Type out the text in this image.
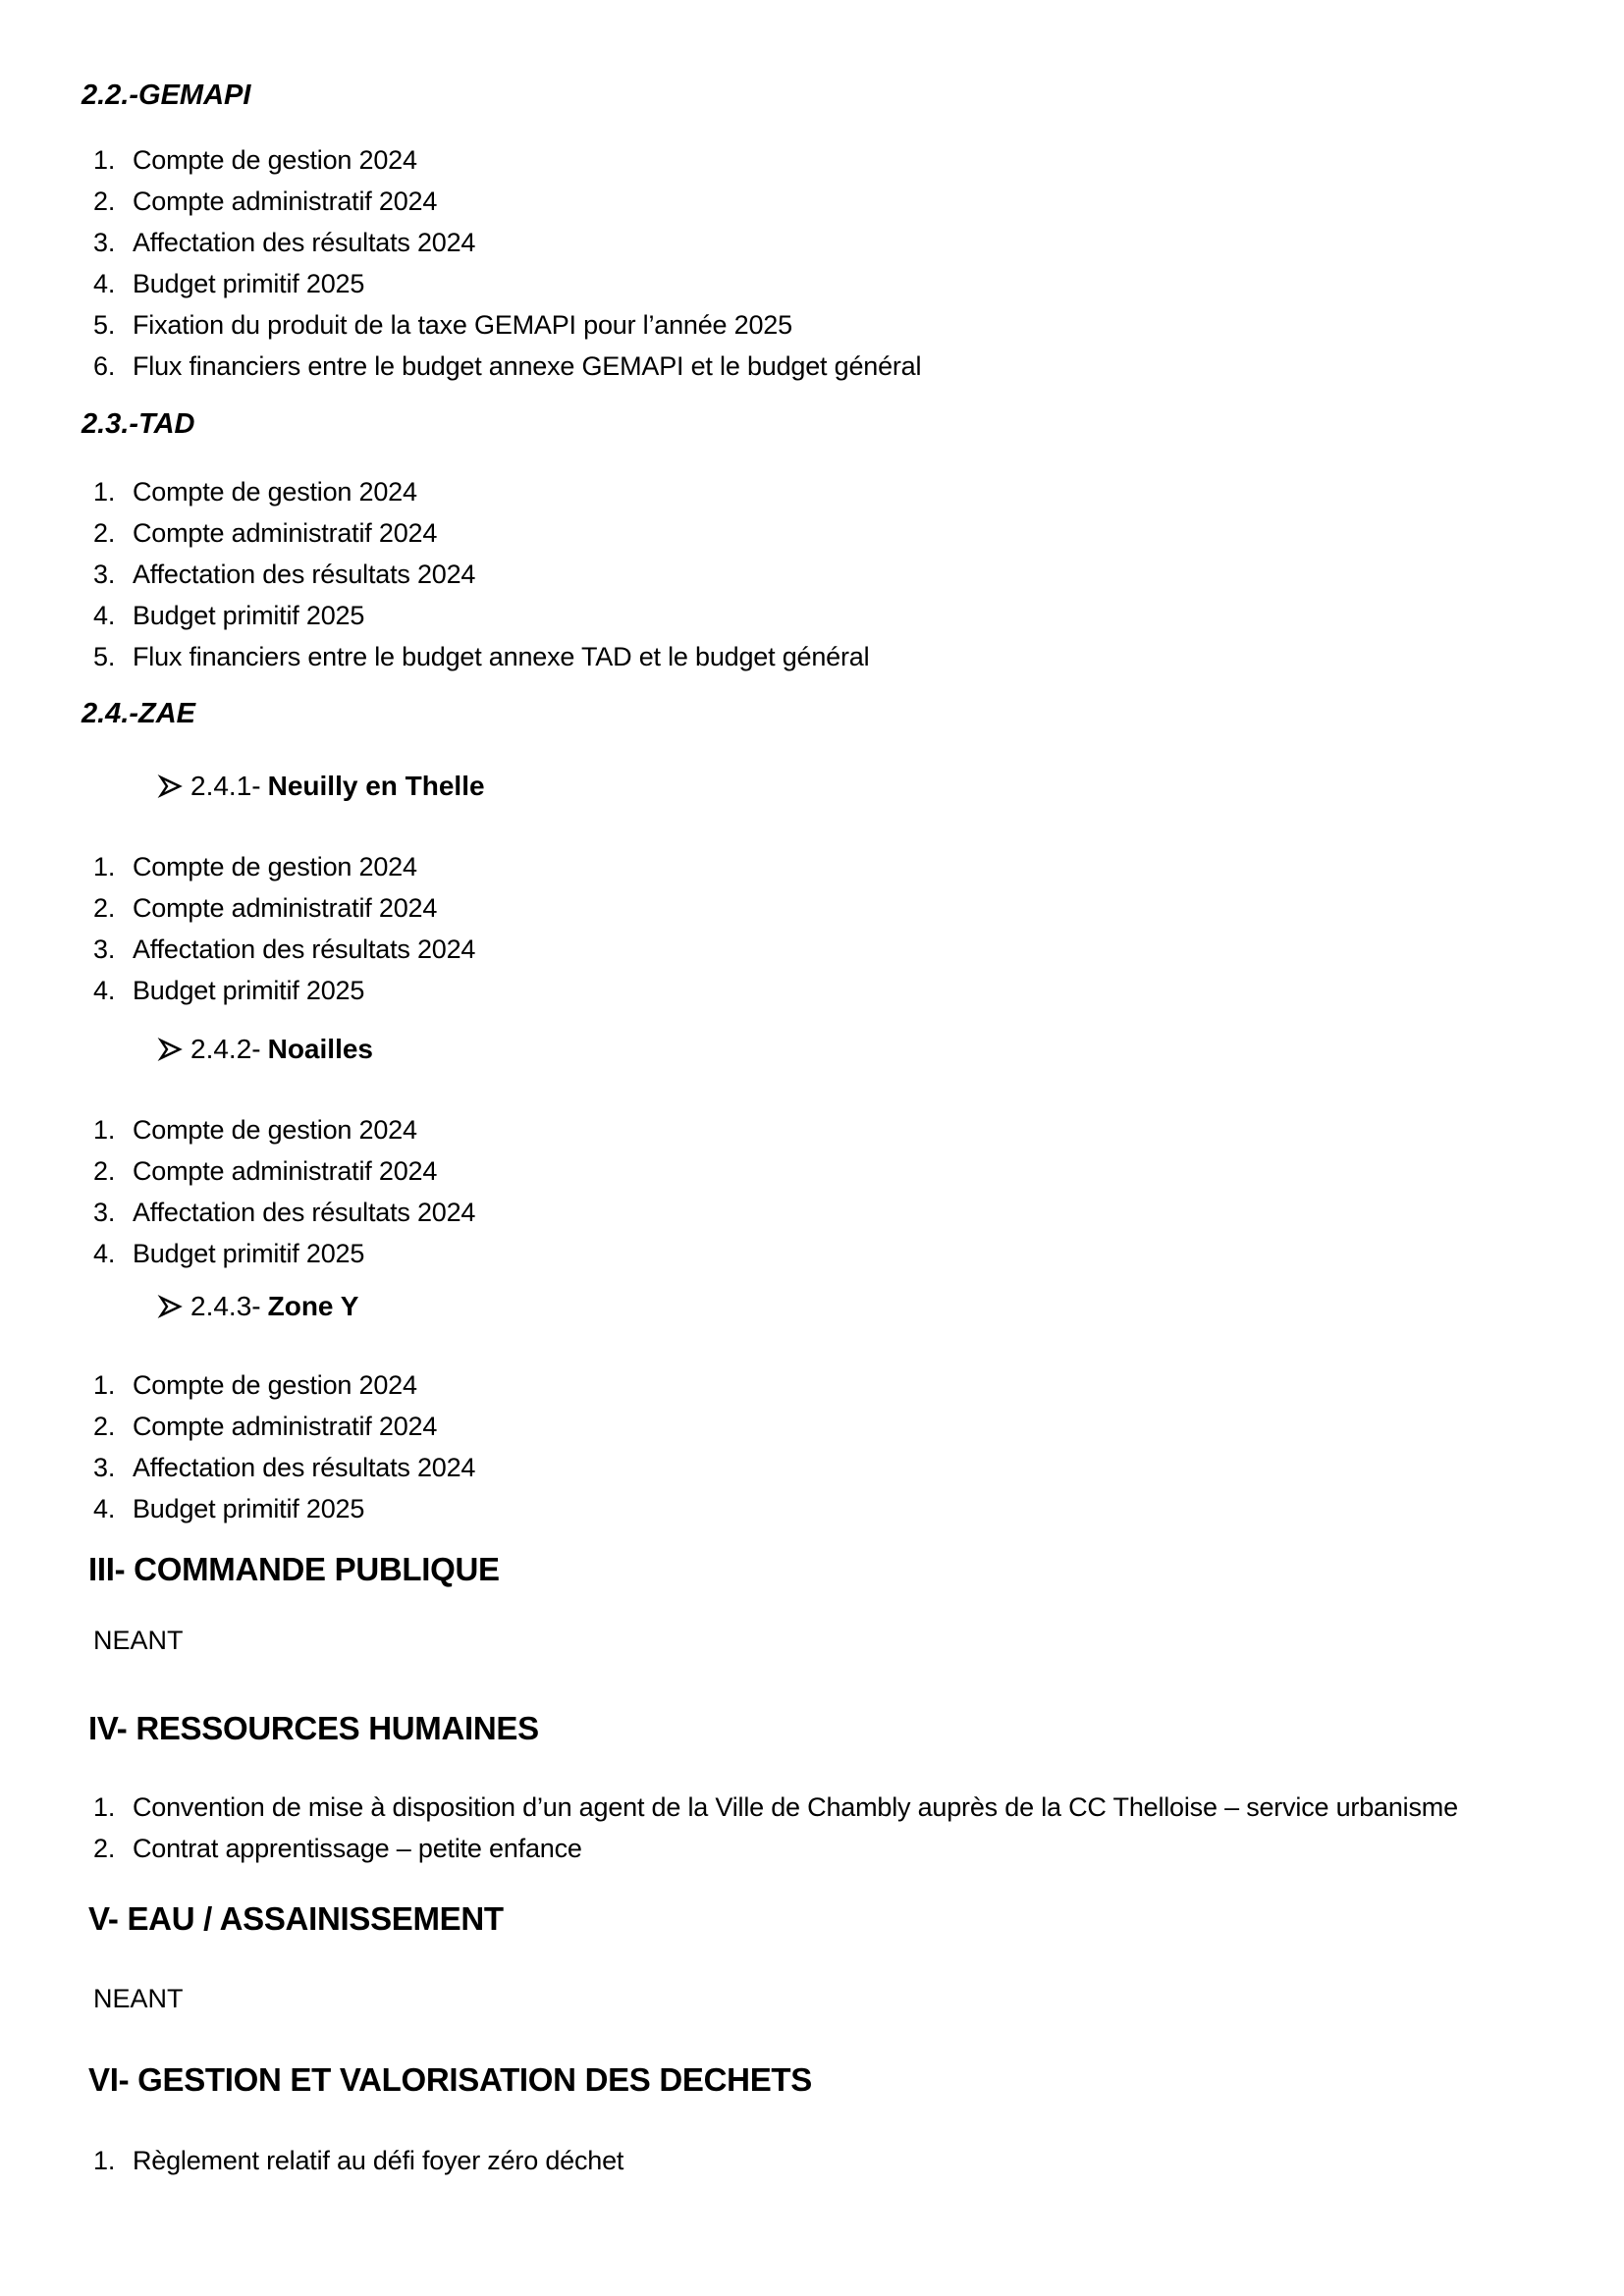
2.2.-GEMAPI
1. Compte de gestion 2024
2. Compte administratif 2024
3. Affectation des résultats 2024
4. Budget primitif 2025
5. Fixation du produit de la taxe GEMAPI pour l’année 2025
6. Flux financiers entre le budget annexe GEMAPI et le budget général
2.3.-TAD
1. Compte de gestion 2024
2. Compte administratif 2024
3. Affectation des résultats 2024
4. Budget primitif 2025
5. Flux financiers entre le budget annexe TAD et le budget général
2.4.-ZAE
2.4.1- Neuilly en Thelle
1. Compte de gestion 2024
2. Compte administratif 2024
3. Affectation des résultats 2024
4. Budget primitif 2025
2.4.2- Noailles
1. Compte de gestion 2024
2. Compte administratif 2024
3. Affectation des résultats 2024
4. Budget primitif 2025
2.4.3- Zone Y
1. Compte de gestion 2024
2. Compte administratif 2024
3. Affectation des résultats 2024
4. Budget primitif 2025
III- COMMANDE PUBLIQUE
NEANT
IV- RESSOURCES HUMAINES
1. Convention de mise à disposition d’un agent de la Ville de Chambly auprès de la CC Thelloise – service urbanisme
2. Contrat apprentissage – petite enfance
V- EAU / ASSAINISSEMENT
NEANT
VI- GESTION ET VALORISATION DES DECHETS
1. Règlement relatif au défi foyer zéro déchet
